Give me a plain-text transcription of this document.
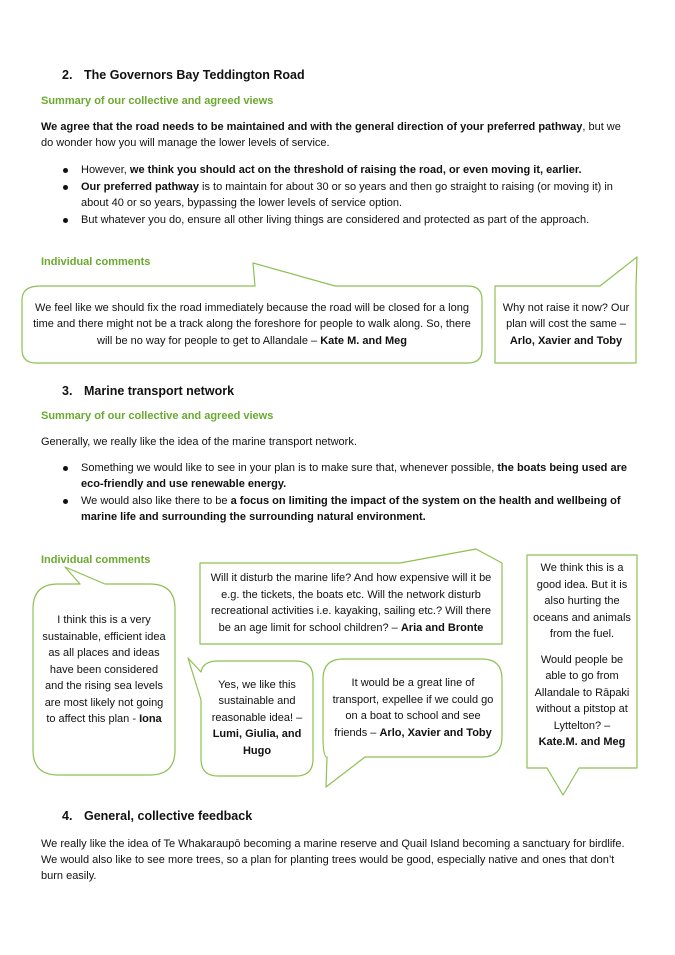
2. The Governors Bay Teddington Road

Summary of our collective and agreed views

We agree that the road needs to be maintained and with the general direction of your preferred pathway, but we do wonder how you will manage the lower levels of service.

However, we think you should act on the threshold of raising the road, or even moving it, earlier.
Our preferred pathway is to maintain for about 30 or so years and then go straight to raising (or moving it) in about 40 or so years, bypassing the lower levels of service option.
But whatever you do, ensure all other living things are considered and protected as part of the approach.

Individual comments

We feel like we should fix the road immediately because the road will be closed for a long time and there might not be a track along the foreshore for people to walk along. So, there will be no way for people to get to Allandale – Kate M. and Meg

Why not raise it now? Our plan will cost the same –
Arlo, Xavier and Toby

3. Marine transport network

Summary of our collective and agreed views

Generally, we really like the idea of the marine transport network.

Something we would like to see in your plan is to make sure that, whenever possible, the boats being used are eco-friendly and use renewable energy.
We would also like there to be a focus on limiting the impact of the system on the health and wellbeing of marine life and surrounding the surrounding natural environment.

Individual comments

I think this is a very sustainable, efficient idea as all places and ideas have been considered and the rising sea levels are most likely not going to affect this plan - Iona

Will it disturb the marine life? And how expensive will it be e.g. the tickets, the boats etc. Will the network disturb recreational activities i.e. kayaking, sailing etc.? Will there be an age limit for school children? – Aria and Bronte

Yes, we like this sustainable and reasonable idea! – Lumi, Giulia, and Hugo

It would be a great line of transport, expellee if we could go on a boat to school and see friends – Arlo, Xavier and Toby

We think this is a good idea. But it is also hurting the oceans and animals from the fuel.

Would people be able to go from Allandale to Rāpaki without a pitstop at Lyttelton? –
Kate.M. and Meg

4. General, collective feedback

We really like the idea of Te Whakaraupō becoming a marine reserve and Quail Island becoming a sanctuary for birdlife. We would also like to see more trees, so a plan for planting trees would be good, especially native and ones that don’t burn easily.
